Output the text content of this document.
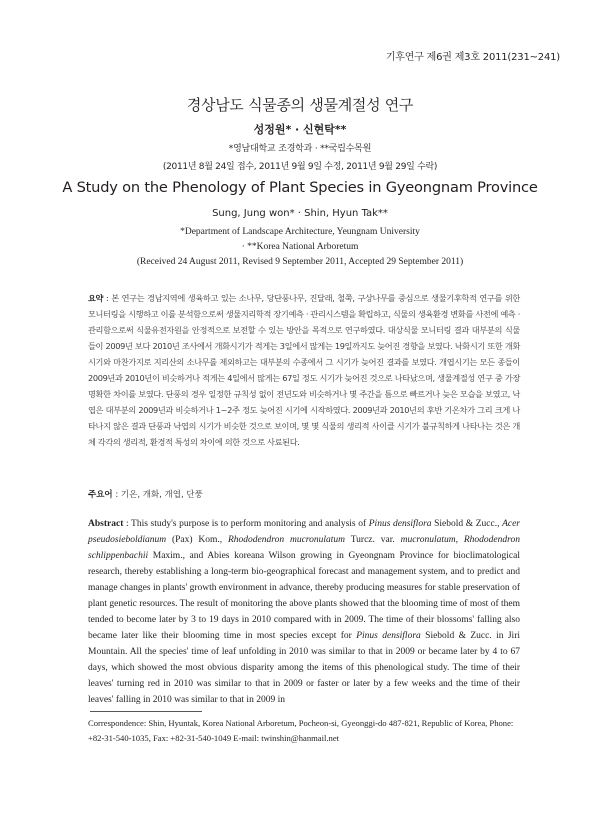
기후연구 제6권 제3호 2011(231~241)
경상남도 식물종의 생물계절성 연구
성정원* · 신현탁**
*영남대학교 조경학과 · **국립수목원
(2011년 8월 24일 접수, 2011년 9월 9일 수정, 2011년 9월 29일 수락)
A Study on the Phenology of Plant Species in Gyeongnam Province
Sung, Jung won* · Shin, Hyun Tak**
*Department of Landscape Architecture, Yeungnam University
· **Korea National Arboretum
(Received 24 August 2011, Revised 9 September 2011, Accepted 29 September 2011)
요약 : 본 연구는 경남지역에 생육하고 있는 소나무, 당단풍나무, 진달래, 철쭉, 구상나무를 중심으로 생물기후학적 연구를 위한 모니터링을 시행하고 이를 분석함으로써 생물지리학적 장기예측 · 관리시스템을 확립하고, 식물의 생육환경 변화를 사전에 예측 · 관리함으로써 식물유전자원을 안정적으로 보전할 수 있는 방안을 목적으로 연구하였다. 대상식물 모니터링 결과 대부분의 식물들이 2009년 보다 2010년 조사에서 개화시기가 적게는 3일에서 많게는 19일까지도 늦어진 경향을 보였다. 낙화시기 또한 개화시기와 마찬가지로 지리산의 소나무를 제외하고는 대부분의 수종에서 그 시기가 늦어진 결과를 보였다. 개엽시기는 모든 종들이 2009년과 2010년이 비슷하거나 적게는 4일에서 많게는 67일 정도 시기가 늦어진 것으로 나타났으며, 생물계절성 연구 중 가장 명확한 차이를 보였다. 단풍의 경우 일정한 규칙성 없이 전년도와 비슷하거나 몇 주간을 틈으로 빠르거나 늦은 모습을 보였고, 낙엽은 대부분의 2009년과 비슷하거나 1~2주 정도 늦어진 시기에 시작하였다. 2009년과 2010년의 후반 기온차가 그리 크게 나타나지 않은 결과 단풍과 낙엽의 시기가 비슷한 것으로 보이며, 몇 몇 식물의 생리적 사이클 시기가 불규칙하게 나타나는 것은 개체 각각의 생리적, 환경적 특성의 차이에 의한 것으로 사료된다.
주요어 : 기온, 개화, 개엽, 단풍
Abstract : This study's purpose is to perform monitoring and analysis of Pinus densiflora Siebold & Zucc., Acer pseudosieboldianum (Pax) Kom., Rhododendron mucronulatum Turcz. var. mucronulatum, Rhododendron schlippenbachii Maxim., and Abies koreana Wilson growing in Gyeongnam Province for bioclimatological research, thereby establishing a long-term bio-geographical forecast and management system, and to predict and manage changes in plants' growth environment in advance, thereby producing measures for stable preservation of plant genetic resources. The result of monitoring the above plants showed that the blooming time of most of them tended to become later by 3 to 19 days in 2010 compared with in 2009. The time of their blossoms' falling also became later like their blooming time in most species except for Pinus densiflora Siebold & Zucc. in Jiri Mountain. All the species' time of leaf unfolding in 2010 was similar to that in 2009 or became later by 4 to 67 days, which showed the most obvious disparity among the items of this phenological study. The time of their leaves' turning red in 2010 was similar to that in 2009 or faster or later by a few weeks and the time of their leaves' falling in 2010 was similar to that in 2009 in
Correspondence: Shin, Hyuntak, Korea National Arboretum, Pocheon-si, Gyeonggi-do 487-821, Republic of Korea, Phone: +82-31-540-1035, Fax: +82-31-540-1049 E-mail: twinshin@hanmail.net
